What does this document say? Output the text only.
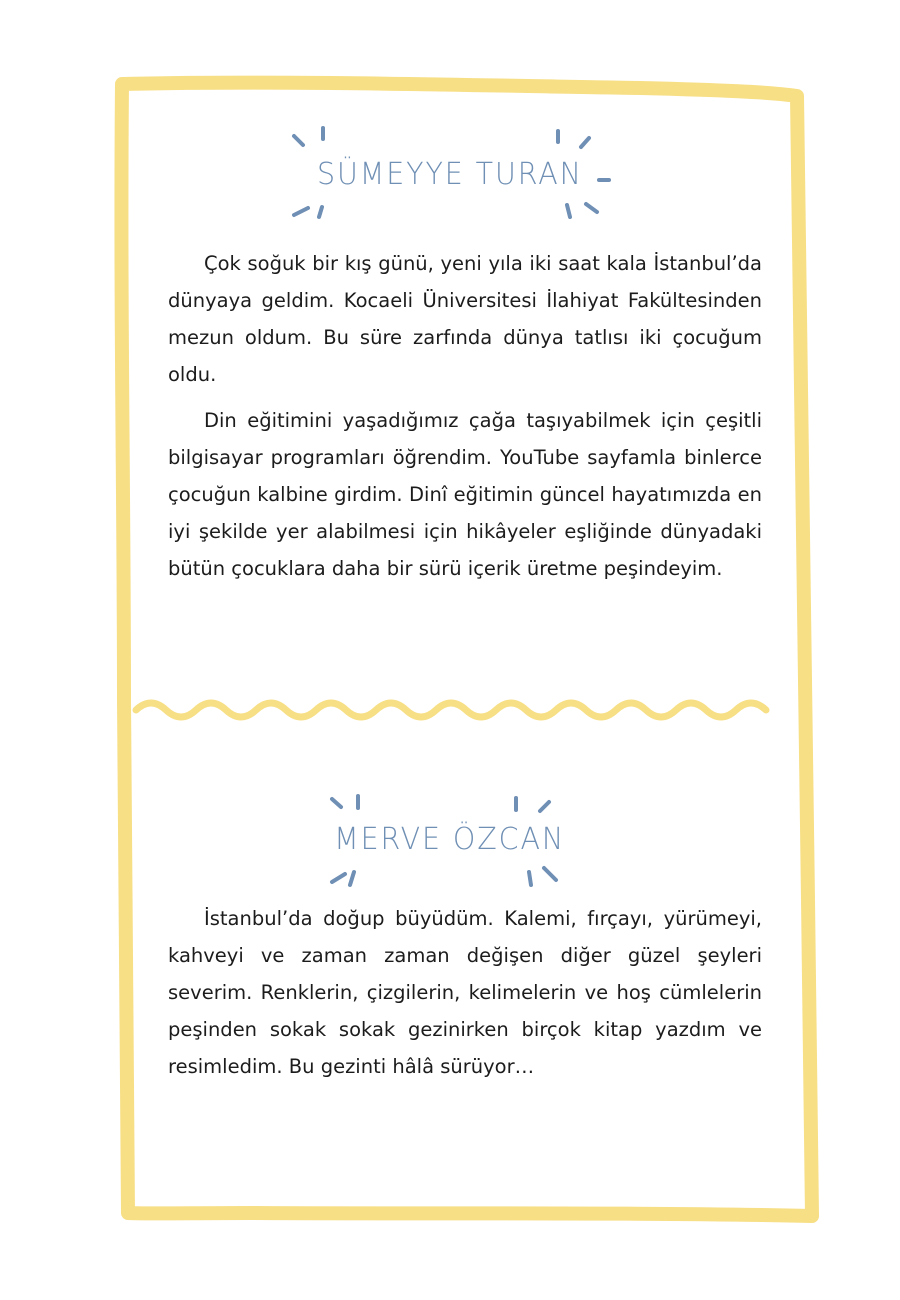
SÜMEYYE TURAN

Çok soğuk bir kış günü, yeni yıla iki saat kala İstanbul’da dünyaya geldim. Kocaeli Üniversitesi İlahiyat Fakültesinden mezun oldum. Bu süre zarfında dünya tatlısı iki çocuğum oldu.

Din eğitimini yaşadığımız çağa taşıyabilmek için çeşitli bilgisayar programları öğrendim. YouTube sayfamla binlerce çocuğun kalbine girdim. Dinî eğitimin güncel hayatımızda en iyi şekilde yer alabilmesi için hikâyeler eşliğinde dünyadaki bütün çocuklara daha bir sürü içerik üretme peşindeyim.

MERVE ÖZCAN

İstanbul’da doğup büyüdüm. Kalemi, fırçayı, yürümeyi, kahveyi ve zaman zaman değişen diğer güzel şeyleri severim. Renklerin, çizgilerin, kelimelerin ve hoş cümlelerin peşinden sokak sokak gezinirken birçok kitap yazdım ve resimledim. Bu gezinti hâlâ sürüyor…
